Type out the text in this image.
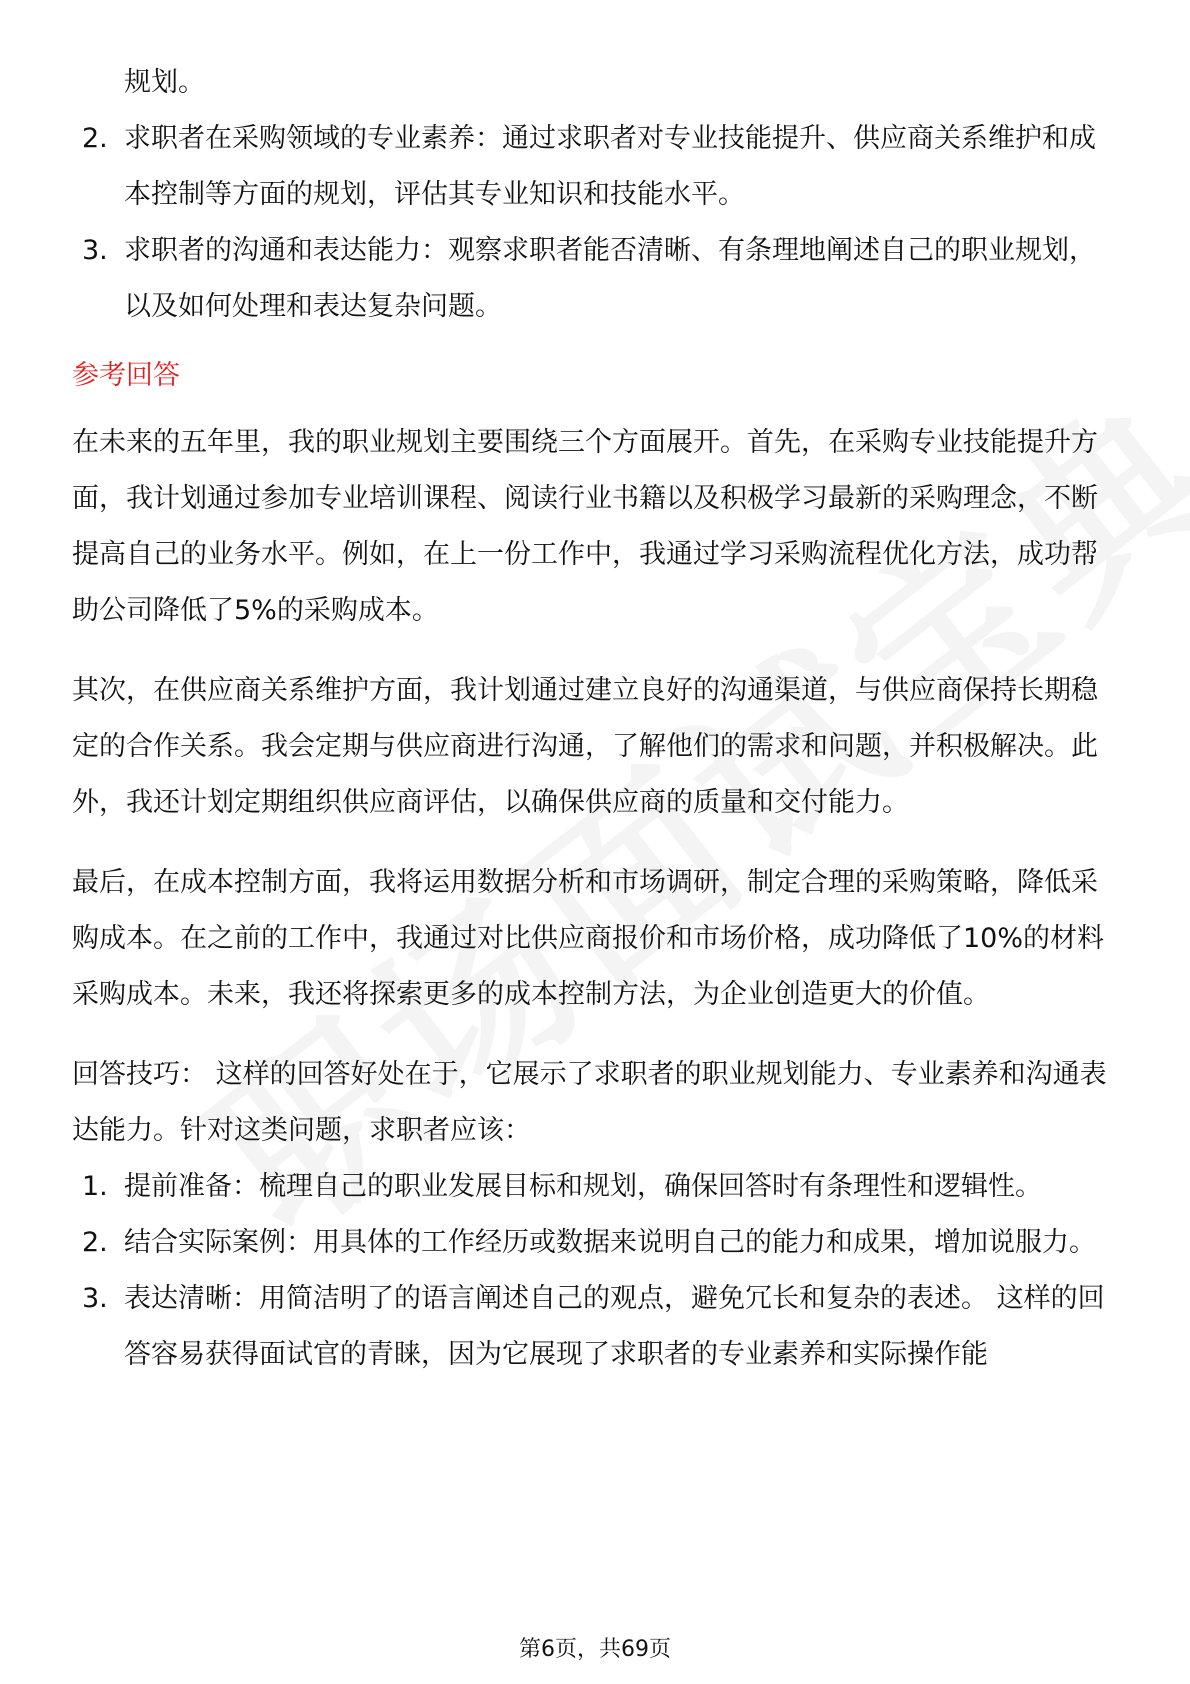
规划。

2. 求职者在采购领域的专业素养：通过求职者对专业技能提升、供应商关系维护和成本控制等方面的规划，评估其专业知识和技能水平。
3. 求职者的沟通和表达能力：观察求职者能否清晰、有条理地阐述自己的职业规划，以及如何处理和表达复杂问题。
参考回答

在未来的五年里，我的职业规划主要围绕三个方面展开。首先，在采购专业技能提升方面，我计划通过参加专业培训课程、阅读行业书籍以及积极学习最新的采购理念，不断提高自己的业务水平。例如，在上一份工作中，我通过学习采购流程优化方法，成功帮助公司降低了5%的采购成本。

其次，在供应商关系维护方面，我计划通过建立良好的沟通渠道，与供应商保持长期稳定的合作关系。我会定期与供应商进行沟通，了解他们的需求和问题，并积极解决。此外，我还计划定期组织供应商评估，以确保供应商的质量和交付能力。

最后，在成本控制方面，我将运用数据分析和市场调研，制定合理的采购策略，降低采购成本。在之前的工作中，我通过对比供应商报价和市场价格，成功降低了10%的材料采购成本。未来，我还将探索更多的成本控制方法，为企业创造更大的价值。

回答技巧： 这样的回答好处在于，它展示了求职者的职业规划能力、专业素养和沟通表达能力。针对这类问题，求职者应该：

1. 提前准备：梳理自己的职业发展目标和规划，确保回答时有条理性和逻辑性。
2. 结合实际案例：用具体的工作经历或数据来说明自己的能力和成果，增加说服力。
3. 表达清晰：用简洁明了的语言阐述自己的观点，避免冗长和复杂的表述。 这样的回答容易获得面试官的青睐，因为它展现了求职者的专业素养和实际操作能
第6页，共69页
